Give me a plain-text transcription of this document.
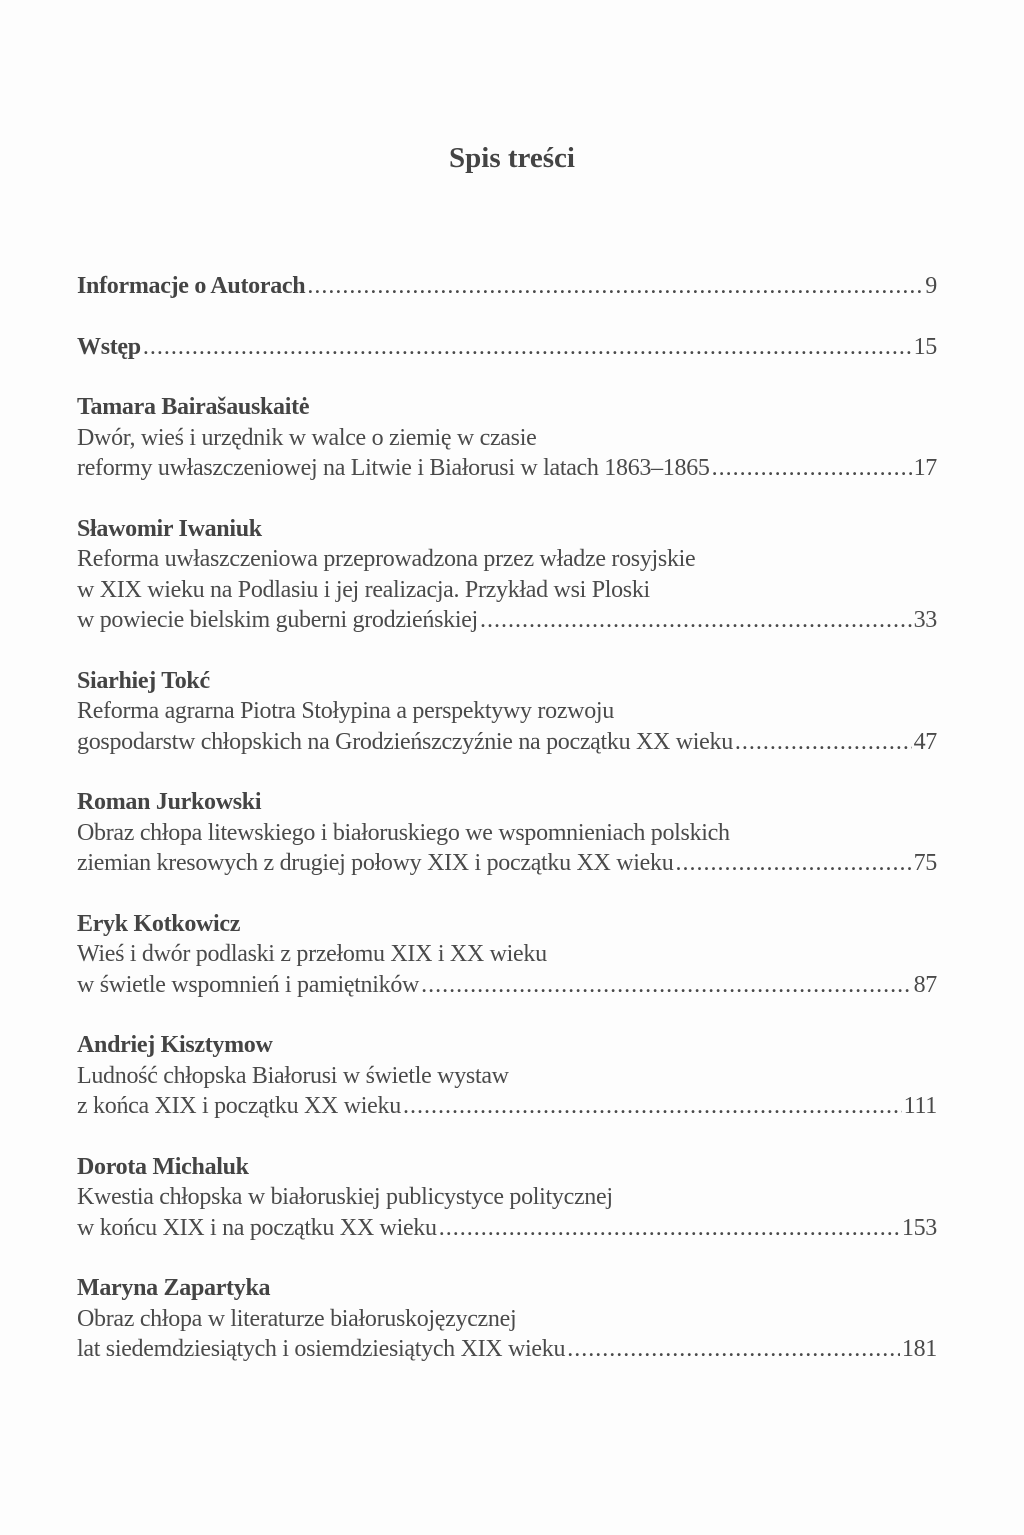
Spis treści
Informacje o Autorach .....	9
Wstęp .....	15
Tamara Bairašauskaitė
Dwór, wieś i urzędnik w walce o ziemię w czasie
reformy uwłaszczeniowej na Litwie i Białorusi w latach 1863–1865 .....	17
Sławomir Iwaniuk
Reforma uwłaszczeniowa przeprowadzona przez władze rosyjskie
w XIX wieku na Podlasiu i jej realizacja. Przykład wsi Ploski
w powiecie bielskim guberni grodzieńskiej .....	33
Siarhiej Tokć
Reforma agrarna Piotra Stołypina a perspektywy rozwoju
gospodarstw chłopskich na Grodzieńszczyźnie na początku XX wieku .....	47
Roman Jurkowski
Obraz chłopa litewskiego i białoruskiego we wspomnieniach polskich
ziemian kresowych z drugiej połowy XIX i początku XX wieku .....	75
Eryk Kotkowicz
Wieś i dwór podlaski z przełomu XIX i XX wieku
w świetle wspomnień i pamiętników .....	87
Andriej Kisztymow
Ludność chłopska Białorusi w świetle wystaw
z końca XIX i początku XX wieku .....	111
Dorota Michaluk
Kwestia chłopska w białoruskiej publicystyce politycznej
w końcu XIX i na początku XX wieku .....	153
Maryna Zapartyka
Obraz chłopa w literaturze białoruskojęzycznej
lat siedemdziesiątych i osiemdziesiątych XIX wieku .....	181
